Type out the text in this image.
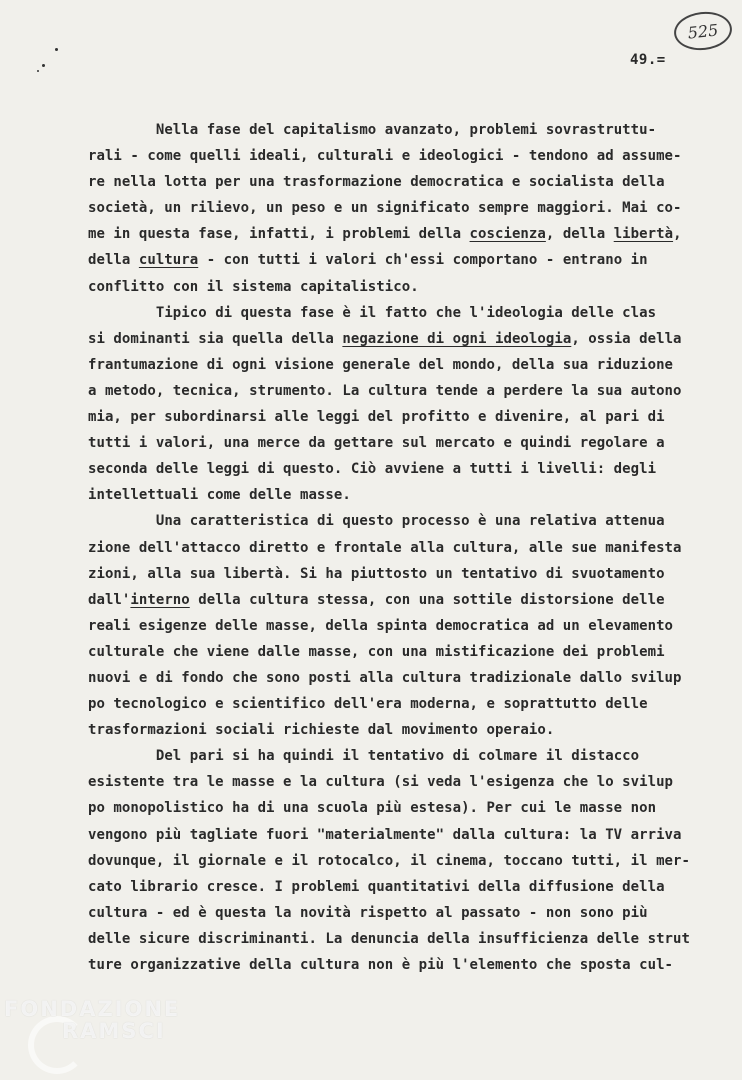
525
49.=
Nella fase del capitalismo avanzato, problemi sovrastruttu-
rali - come quelli ideali, culturali e ideologici - tendono ad assume-
re nella lotta per una trasformazione democratica e socialista della
società, un rilievo, un peso e un significato sempre maggiori. Mai co-
me in questa fase, infatti, i problemi della coscienza, della libertà,
della cultura - con tutti i valori ch'essi comportano - entrano in
conflitto con il sistema capitalistico.
Tipico di questa fase è il fatto che l'ideologia delle clas
si dominanti sia quella della negazione di ogni ideologia, ossia della
frantumazione di ogni visione generale del mondo, della sua riduzione
a metodo, tecnica, strumento. La cultura tende a perdere la sua autono
mia, per subordinarsi alle leggi del profitto e divenire, al pari di
tutti i valori, una merce da gettare sul mercato e quindi regolare a
seconda delle leggi di questo. Ciò avviene a tutti i livelli: degli
intellettuali come delle masse.
Una caratteristica di questo processo è una relativa attenua
zione dell'attacco diretto e frontale alla cultura, alle sue manifesta
zioni, alla sua libertà. Si ha piuttosto un tentativo di svuotamento
dall'interno della cultura stessa, con una sottile distorsione delle
reali esigenze delle masse, della spinta democratica ad un elevamento
culturale che viene dalle masse, con una mistificazione dei problemi
nuovi e di fondo che sono posti alla cultura tradizionale dallo svilup
po tecnologico e scientifico dell'era moderna, e soprattutto delle
trasformazioni sociali richieste dal movimento operaio.
Del pari si ha quindi il tentativo di colmare il distacco
esistente tra le masse e la cultura (si veda l'esigenza che lo svilup
po monopolistico ha di una scuola più estesa). Per cui le masse non
vengono più tagliate fuori "materialmente" dalla cultura: la TV arriva
dovunque, il giornale e il rotocalco, il cinema, toccano tutti, il mer-
cato librario cresce. I problemi quantitativi della diffusione della
cultura - ed è questa la novità rispetto al passato - non sono più
delle sicure discriminanti. La denuncia della insufficienza delle strut
ture organizzative della cultura non è più l'elemento che sposta cul-
FONDAZIONE
RAMSCI
